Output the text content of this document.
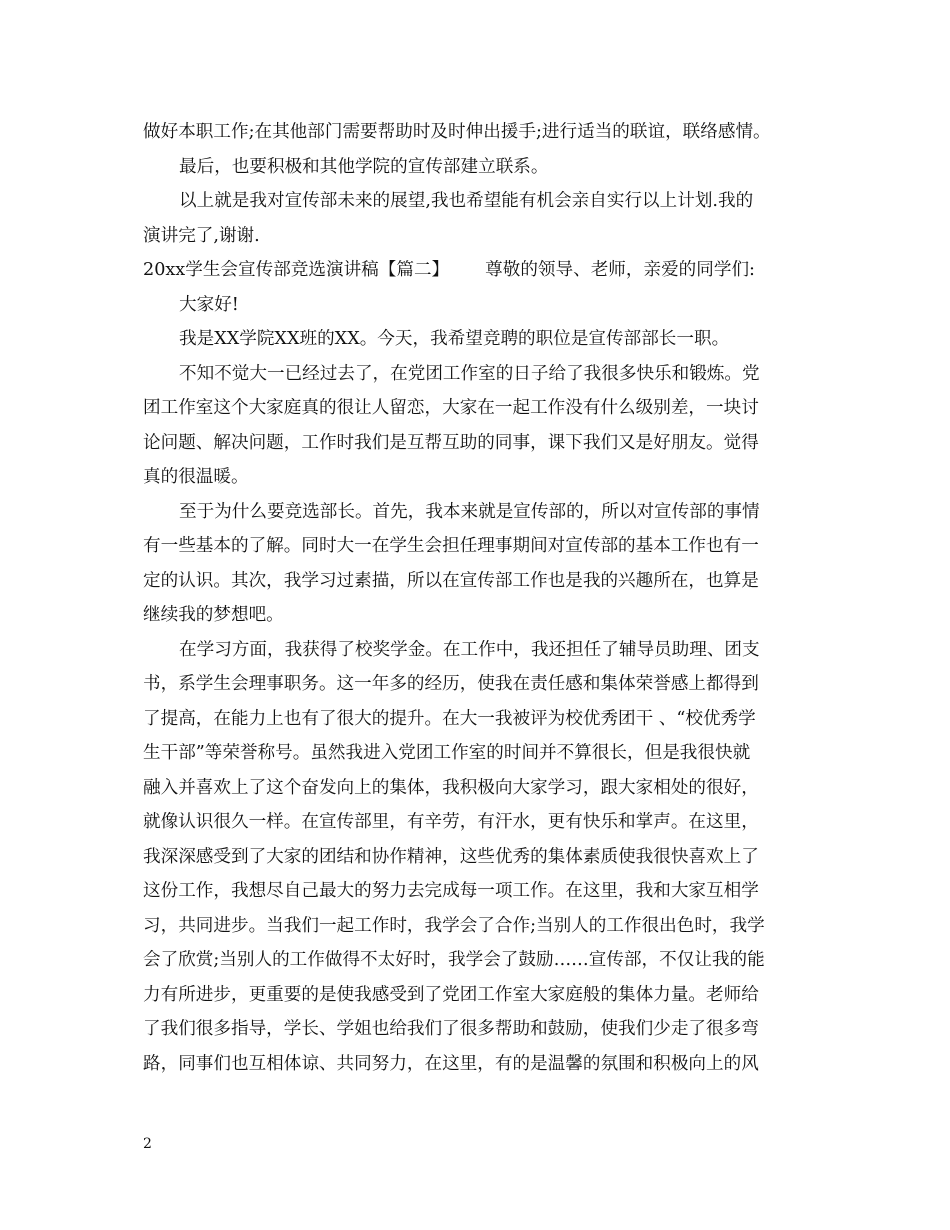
做好本职工作;在其他部门需要帮助时及时伸出援手;进行适当的联谊，联络感情。
最后，也要积极和其他学院的宣传部建立联系。
以上就是我对宣传部未来的展望,我也希望能有机会亲自实行以上计划.我的
演讲完了,谢谢.
20xx学生会宣传部竞选演讲稿【篇二】 尊敬的领导、老师，亲爱的同学们:
大家好!
我是XX学院XX班的XX。今天，我希望竞聘的职位是宣传部部长一职。
不知不觉大一已经过去了，在党团工作室的日子给了我很多快乐和锻炼。党
团工作室这个大家庭真的很让人留恋，大家在一起工作没有什么级别差，一块讨
论问题、解决问题，工作时我们是互帮互助的同事，课下我们又是好朋友。觉得
真的很温暖。
至于为什么要竞选部长。首先，我本来就是宣传部的，所以对宣传部的事情
有一些基本的了解。同时大一在学生会担任理事期间对宣传部的基本工作也有一
定的认识。其次，我学习过素描，所以在宣传部工作也是我的兴趣所在，也算是
继续我的梦想吧。
在学习方面，我获得了校奖学金。在工作中，我还担任了辅导员助理、团支
书，系学生会理事职务。这一年多的经历，使我在责任感和集体荣誉感上都得到
了提高，在能力上也有了很大的提升。在大一我被评为校优秀团干 、“校优秀学
生干部”等荣誉称号。虽然我进入党团工作室的时间并不算很长，但是我很快就
融入并喜欢上了这个奋发向上的集体，我积极向大家学习，跟大家相处的很好，
就像认识很久一样。在宣传部里，有辛劳，有汗水，更有快乐和掌声。在这里，
我深深感受到了大家的团结和协作精神，这些优秀的集体素质使我很快喜欢上了
这份工作，我想尽自己最大的努力去完成每一项工作。在这里，我和大家互相学
习，共同进步。当我们一起工作时，我学会了合作;当别人的工作很出色时，我学
会了欣赏;当别人的工作做得不太好时，我学会了鼓励……宣传部，不仅让我的能
力有所进步，更重要的是使我感受到了党团工作室大家庭般的集体力量。老师给
了我们很多指导，学长、学姐也给我们了很多帮助和鼓励，使我们少走了很多弯
路，同事们也互相体谅、共同努力，在这里，有的是温馨的氛围和积极向上的风
2
